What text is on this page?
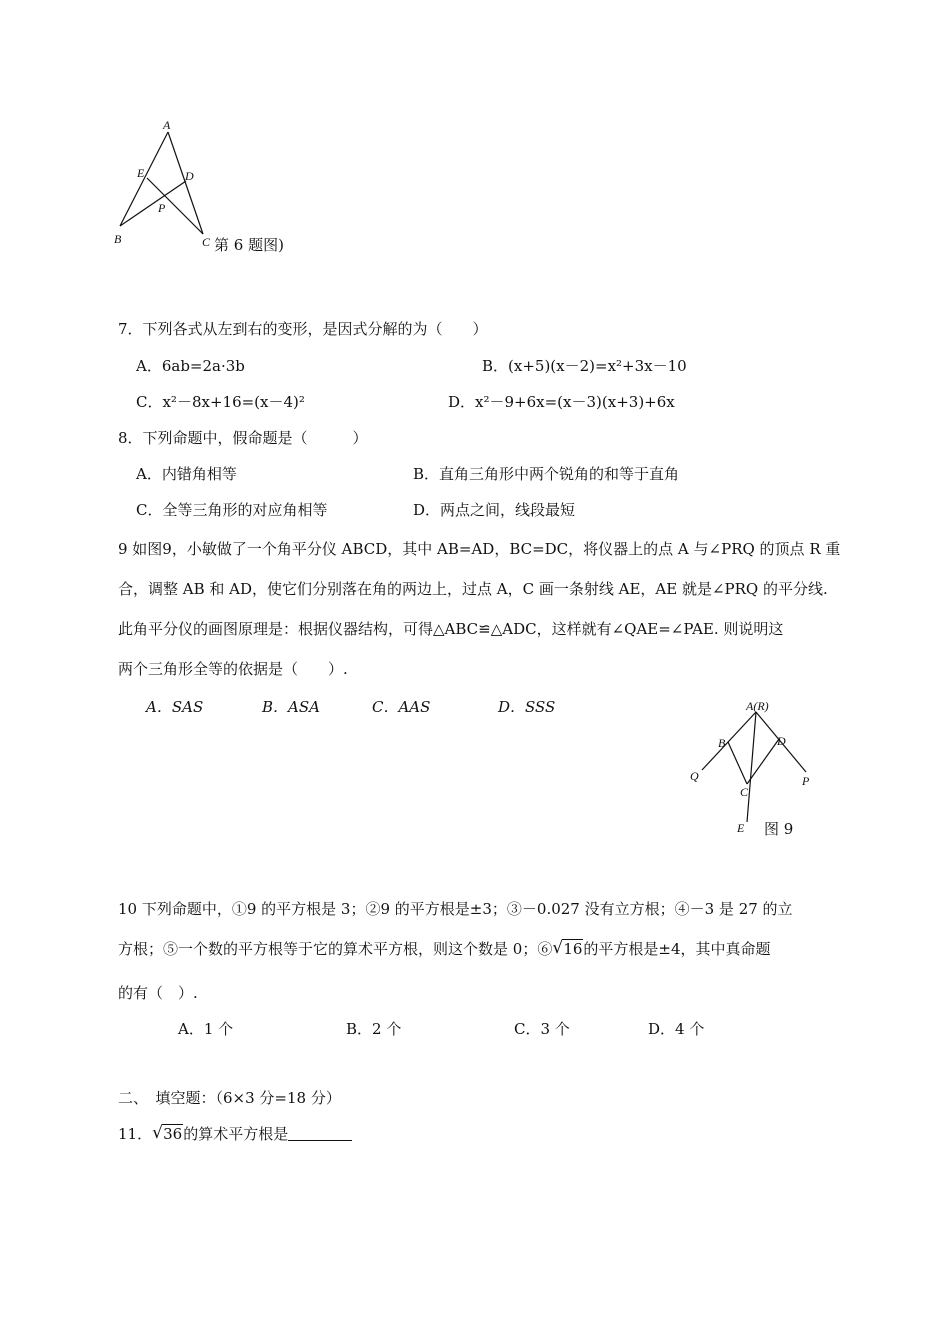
A
E	D
P
B	C 第 6 题图)
7．下列各式从左到右的变形，是因式分解的为（　　）
A．6ab=2a·3b	B．(x+5)(x－2)=x²+3x－10
C．x²－8x+16=(x－4)²	D．x²－9+6x=(x－3)(x+3)+6x
8．下列命题中，假命题是（　　　）
A．内错角相等	B．直角三角形中两个锐角的和等于直角
C．全等三角形的对应角相等	D．两点之间，线段最短
9 如图9，小敏做了一个角平分仪 ABCD，其中 AB=AD，BC=DC，将仪器上的点 A 与∠PRQ 的顶点 R 重
合，调整 AB 和 AD，使它们分别落在角的两边上，过点 A，C 画一条射线 AE，AE 就是∠PRQ 的平分线.
此角平分仪的画图原理是：根据仪器结构，可得△ABC≌△ADC，这样就有∠QAE=∠PAE. 则说明这
两个三角形全等的依据是（　　）.
A．SAS	B．ASA	C．AAS	D．SSS	A(R)
B	D
Q	P
C
E 图 9
10 下列命题中，①9 的平方根是 3；②9 的平方根是±3；③－0.027 没有立方根；④－3 是 27 的立
方根；⑤一个数的平方根等于它的算术平方根，则这个数是 0；⑥ √ 16的平方根是±4，其中真命题
的有（　）.
A．1 个	B．2 个	C．3 个	D．4 个
二、　填空题：（6×3 分=18 分）
11． √ 36的算术平方根是
